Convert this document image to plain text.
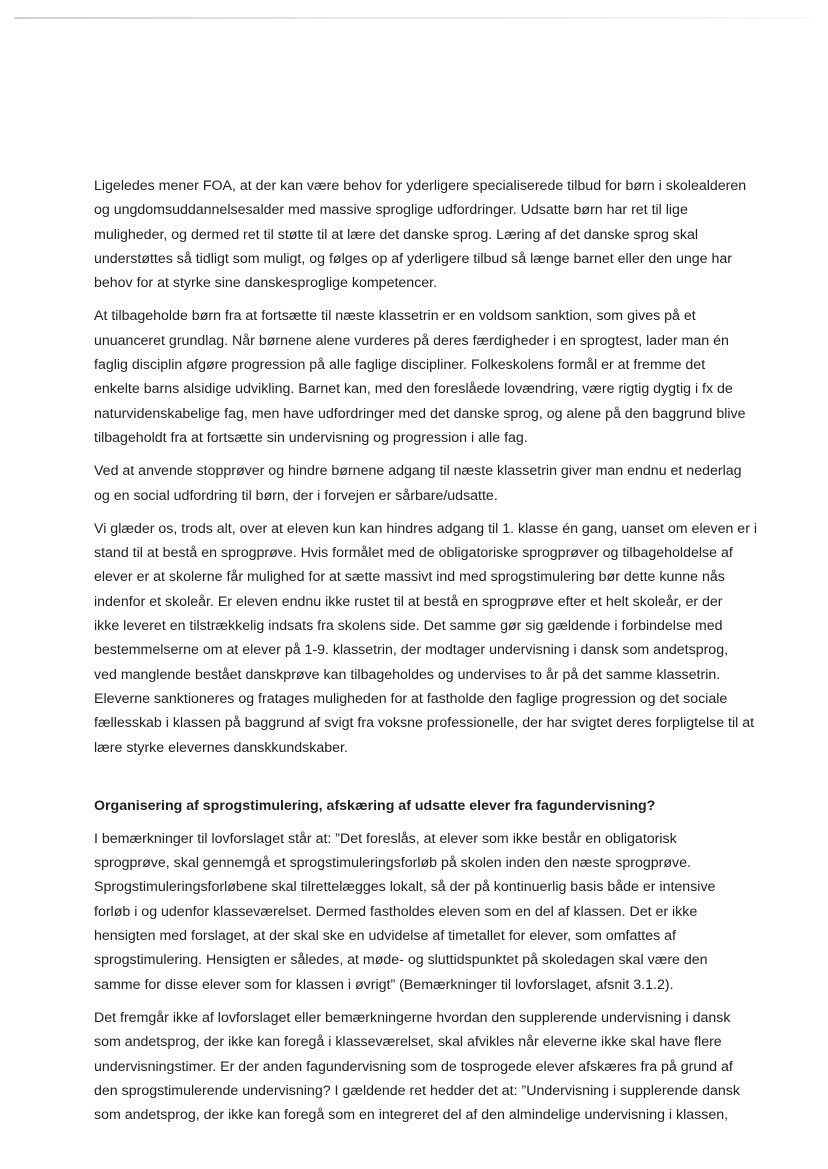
Ligeledes mener FOA, at der kan være behov for yderligere specialiserede tilbud for børn i skolealderen
og ungdomsuddannelsesalder med massive sproglige udfordringer. Udsatte børn har ret til lige
muligheder, og dermed ret til støtte til at lære det danske sprog. Læring af det danske sprog skal
understøttes så tidligt som muligt, og følges op af yderligere tilbud så længe barnet eller den unge har
behov for at styrke sine danskesproglige kompetencer.

At tilbageholde børn fra at fortsætte til næste klassetrin er en voldsom sanktion, som gives på et
unuanceret grundlag. Når børnene alene vurderes på deres færdigheder i en sprogtest, lader man én
faglig disciplin afgøre progression på alle faglige discipliner. Folkeskolens formål er at fremme det
enkelte barns alsidige udvikling. Barnet kan, med den foreslåede lovændring, være rigtig dygtig i fx de
naturvidenskabelige fag, men have udfordringer med det danske sprog, og alene på den baggrund blive
tilbageholdt fra at fortsætte sin undervisning og progression i alle fag.

Ved at anvende stopprøver og hindre børnene adgang til næste klassetrin giver man endnu et nederlag
og en social udfordring til børn, der i forvejen er sårbare/udsatte.

Vi glæder os, trods alt, over at eleven kun kan hindres adgang til 1. klasse én gang, uanset om eleven er i
stand til at bestå en sprogprøve. Hvis formålet med de obligatoriske sprogprøver og tilbageholdelse af
elever er at skolerne får mulighed for at sætte massivt ind med sprogstimulering bør dette kunne nås
indenfor et skoleår. Er eleven endnu ikke rustet til at bestå en sprogprøve efter et helt skoleår, er der
ikke leveret en tilstrækkelig indsats fra skolens side. Det samme gør sig gældende i forbindelse med
bestemmelserne om at elever på 1-9. klassetrin, der modtager undervisning i dansk som andetsprog,
ved manglende bestået danskprøve kan tilbageholdes og undervises to år på det samme klassetrin.
Eleverne sanktioneres og fratages muligheden for at fastholde den faglige progression og det sociale
fællesskab i klassen på baggrund af svigt fra voksne professionelle, der har svigtet deres forpligtelse til at
lære styrke elevernes danskkundskaber.

Organisering af sprogstimulering, afskæring af udsatte elever fra fagundervisning?

I bemærkninger til lovforslaget står at: ”Det foreslås, at elever som ikke består en obligatorisk
sprogprøve, skal gennemgå et sprogstimuleringsforløb på skolen inden den næste sprogprøve.
Sprogstimuleringsforløbene skal tilrettelægges lokalt, så der på kontinuerlig basis både er intensive
forløb i og udenfor klasseværelset. Dermed fastholdes eleven som en del af klassen. Det er ikke
hensigten med forslaget, at der skal ske en udvidelse af timetallet for elever, som omfattes af
sprogstimulering. Hensigten er således, at møde- og sluttidspunktet på skoledagen skal være den
samme for disse elever som for klassen i øvrigt” (Bemærkninger til lovforslaget, afsnit 3.1.2).

Det fremgår ikke af lovforslaget eller bemærkningerne hvordan den supplerende undervisning i dansk
som andetsprog, der ikke kan foregå i klasseværelset, skal afvikles når eleverne ikke skal have flere
undervisningstimer. Er der anden fagundervisning som de tosprogede elever afskæres fra på grund af
den sprogstimulerende undervisning? I gældende ret hedder det at: ”Undervisning i supplerende dansk
som andetsprog, der ikke kan foregå som en integreret del af den almindelige undervisning i klassen,
